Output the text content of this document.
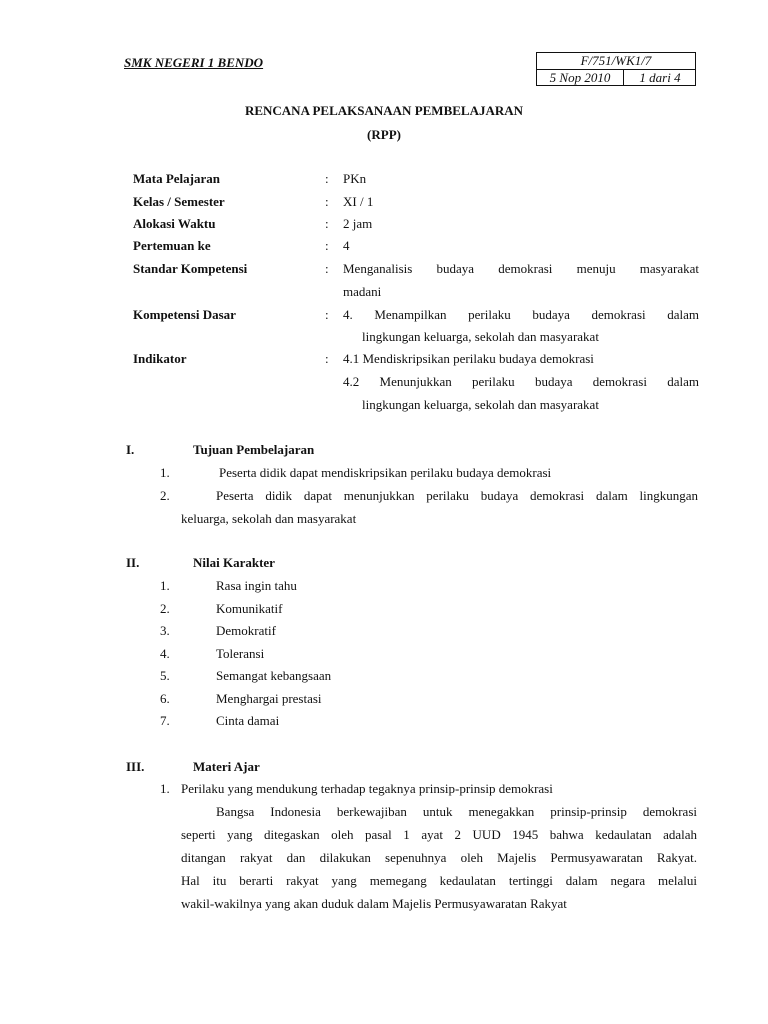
SMK NEGERI 1 BENDO	F/751/WK1/7
5 Nop 2010	1 dari 4
RENCANA PELAKSANAAN PEMBELAJARAN
(RPP)
Mata Pelajaran	: PKn
Kelas / Semester	: XI / 1
Alokasi Waktu	: 2 jam
Pertemuan ke	: 4
Standar Kompetensi	: Menganalisis budaya demokrasi menuju masyarakat
madani
Kompetensi Dasar	: 4. Menampilkan perilaku budaya demokrasi dalam
lingkungan keluarga, sekolah dan masyarakat
Indikator	: 4.1 Mendiskripsikan perilaku budaya demokrasi
4.2 Menunjukkan perilaku budaya demokrasi dalam
lingkungan keluarga, sekolah dan masyarakat
I.	Tujuan Pembelajaran
1.	Peserta didik dapat mendiskripsikan perilaku budaya demokrasi
2.	Peserta didik dapat menunjukkan perilaku budaya demokrasi dalam lingkungan
keluarga, sekolah dan masyarakat
II.	Nilai Karakter
1.	Rasa ingin tahu
2.	Komunikatif
3.	Demokratif
4.	Toleransi
5.	Semangat kebangsaan
6.	Menghargai prestasi
7.	Cinta damai
III.	Materi Ajar
1. Perilaku yang mendukung terhadap tegaknya prinsip-prinsip demokrasi
Bangsa Indonesia berkewajiban untuk menegakkan prinsip-prinsip demokrasi
seperti yang ditegaskan oleh pasal 1 ayat 2 UUD 1945 bahwa kedaulatan adalah
ditangan rakyat dan dilakukan sepenuhnya oleh Majelis Permusyawaratan Rakyat.
Hal itu berarti rakyat yang memegang kedaulatan tertinggi dalam negara melalui
wakil-wakilnya yang akan duduk dalam Majelis Permusyawaratan Rakyat
